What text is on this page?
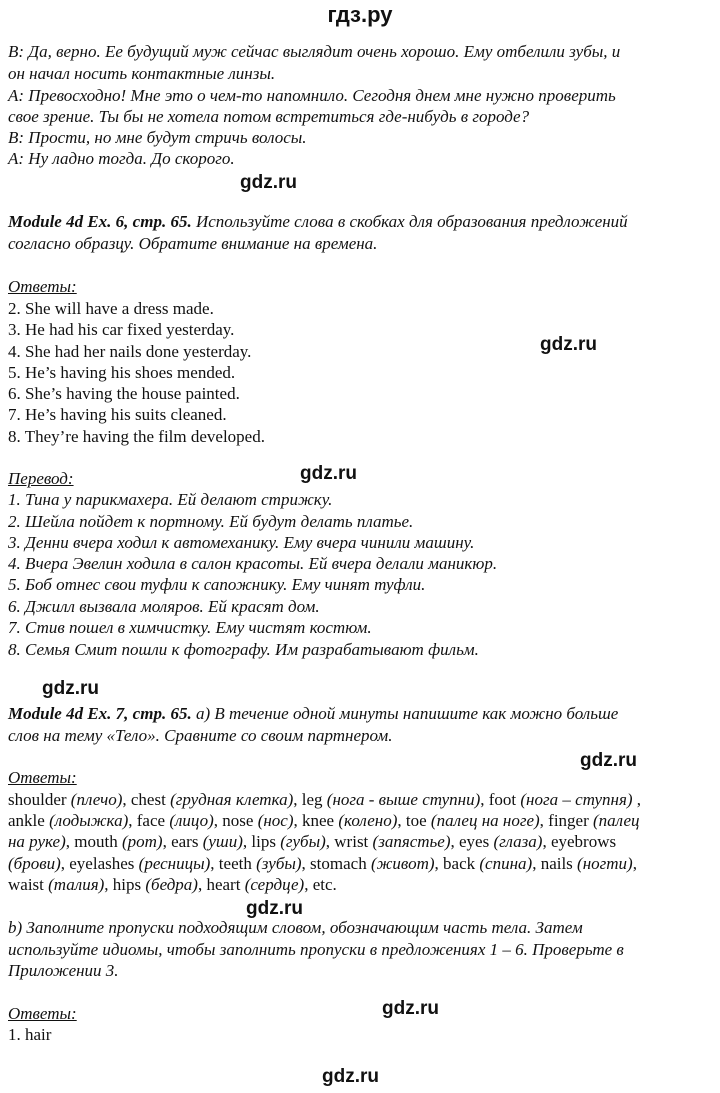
гдз.ру
B: Да, верно. Ее будущий муж сейчас выглядит очень хорошо. Ему отбелили зубы, и
он начал носить контактные линзы.
A: Превосходно! Мне это о чем-то напомнило. Сегодня днем мне нужно проверить
свое зрение. Ты бы не хотела потом встретиться где-нибудь в городе?
B: Прости, но мне будут стричь волосы.
A: Ну ладно тогда. До скорого.
gdz.ru
Module 4d Ex. 6, стр. 65. Используйте слова в скобках для образования предложений
согласно образцу. Обратите внимание на времена.
Ответы:
2. She will have a dress made.
3. He had his car fixed yesterday.
4. She had her nails done yesterday.
5. He’s having his shoes mended.
6. She’s having the house painted.
7. He’s having his suits cleaned.
8. They’re having the film developed.
gdz.ru
Перевод:	gdz.ru
1. Тина у парикмахера. Ей делают стрижку.
2. Шейла пойдет к портному. Ей будут делать платье.
3. Денни вчера ходил к автомеханику. Ему вчера чинили машину.
4. Вчера Эвелин ходила в салон красоты. Ей вчера делали маникюр.
5. Боб отнес свои туфли к сапожнику. Ему чинят туфли.
6. Джилл вызвала моляров. Ей красят дом.
7. Стив пошел в химчистку. Ему чистят костюм.
8. Семья Смит пошли к фотографу. Им разрабатывают фильм.
gdz.ru
Module 4d Ex. 7, стр. 65. a) В течение одной минуты напишите как можно больше
слов на тему «Тело». Сравните со своим партнером.
gdz.ru
Ответы:
shoulder (плечо), chest (грудная клетка), leg (нога - выше ступни), foot (нога – ступня) ,
ankle (лодыжка), face (лицо), nose (нос), knee (колено), toe (палец на ноге), finger (палец
на руке), mouth (рот), ears (уши), lips (губы), wrist (запястье), eyes (глаза), eyebrows
(брови), eyelashes (ресницы), teeth (зубы), stomach (живот), back (спина), nails (ногти),
waist (талия), hips (бедра), heart (сердце), etc.
gdz.ru
b) Заполните пропуски подходящим словом, обозначающим часть тела. Затем
используйте идиомы, чтобы заполнить пропуски в предложениях 1 – 6. Проверьте в
Приложении 3.
Ответы:	gdz.ru
1. hair
gdz.ru
